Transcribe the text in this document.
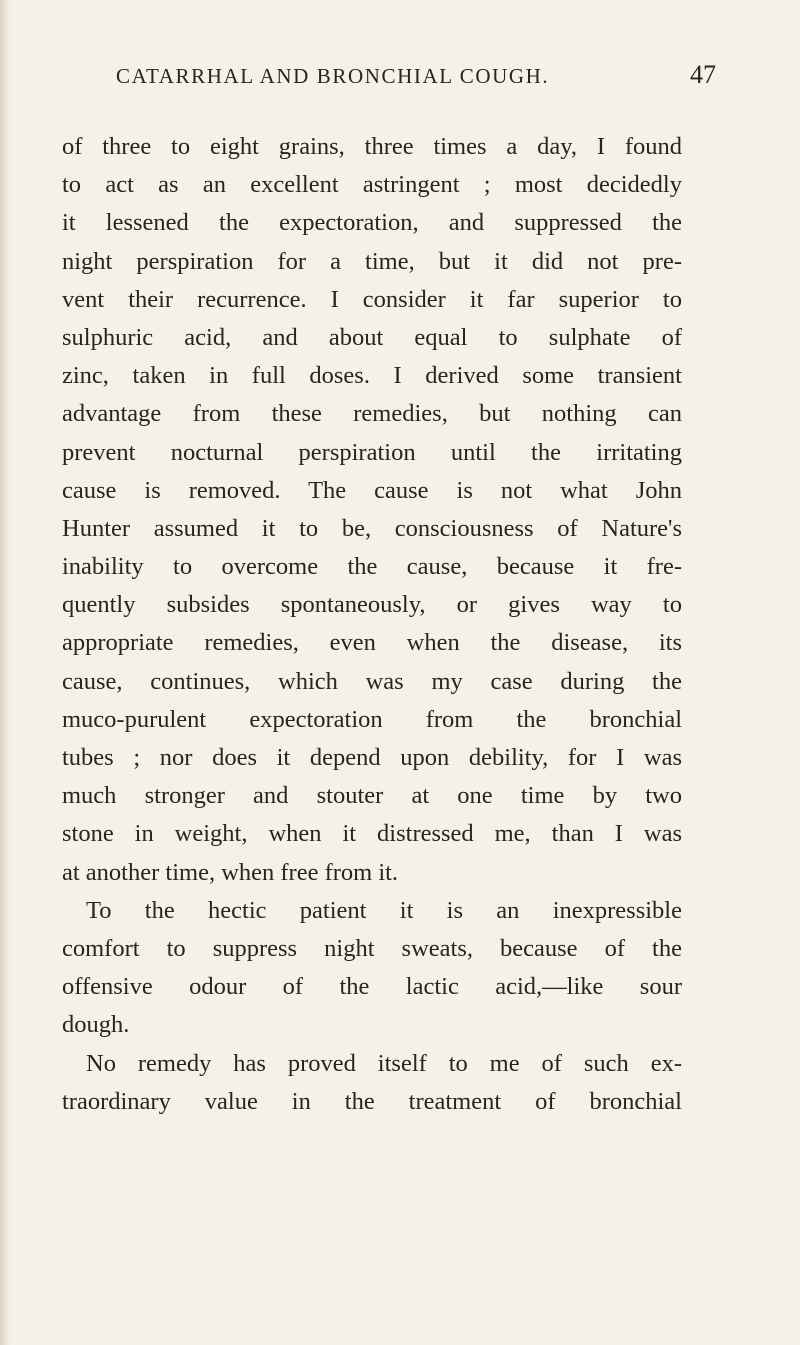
CATARRHAL AND BRONCHIAL COUGH.	47
of three to eight grains, three times a day, I found
to act as an excellent astringent ; most decidedly
it lessened the expectoration, and suppressed the
night perspiration for a time, but it did not pre-
vent their recurrence. I consider it far superior to
sulphuric acid, and about equal to sulphate of
zinc, taken in full doses. I derived some transient
advantage from these remedies, but nothing can
prevent nocturnal perspiration until the irritating
cause is removed. The cause is not what John
Hunter assumed it to be, consciousness of Nature's
inability to overcome the cause, because it fre-
quently subsides spontaneously, or gives way to
appropriate remedies, even when the disease, its
cause, continues, which was my case during the
muco-purulent expectoration from the bronchial
tubes ; nor does it depend upon debility, for I was
much stronger and stouter at one time by two
stone in weight, when it distressed me, than I was
at another time, when free from it.
To the hectic patient it is an inexpressible
comfort to suppress night sweats, because of the
offensive odour of the lactic acid,—like sour
dough.
No remedy has proved itself to me of such ex-
traordinary value in the treatment of bronchial
